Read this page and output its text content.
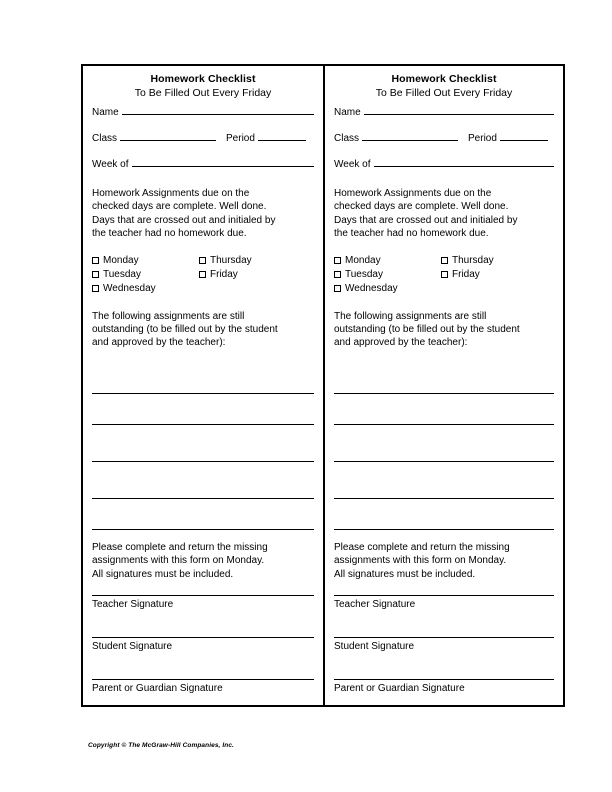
Homework Checklist
To Be Filled Out Every Friday
Name
Class	Period
Week of
Homework Assignments due on the
checked days are complete. Well done.
Days that are crossed out and initialed by
the teacher had no homework due.
Monday	Thursday
Tuesday	Friday
Wednesday
The following assignments are still
outstanding (to be filled out by the student
and approved by the teacher):
Please complete and return the missing
assignments with this form on Monday.
All signatures must be included.
Teacher Signature
Student Signature
Parent or Guardian Signature
Homework Checklist
To Be Filled Out Every Friday
Name
Class	Period
Week of
Homework Assignments due on the
checked days are complete. Well done.
Days that are crossed out and initialed by
the teacher had no homework due.
Monday	Thursday
Tuesday	Friday
Wednesday
The following assignments are still
outstanding (to be filled out by the student
and approved by the teacher):
Please complete and return the missing
assignments with this form on Monday.
All signatures must be included.
Teacher Signature
Student Signature
Parent or Guardian Signature
Copyright © The McGraw-Hill Companies, Inc.
